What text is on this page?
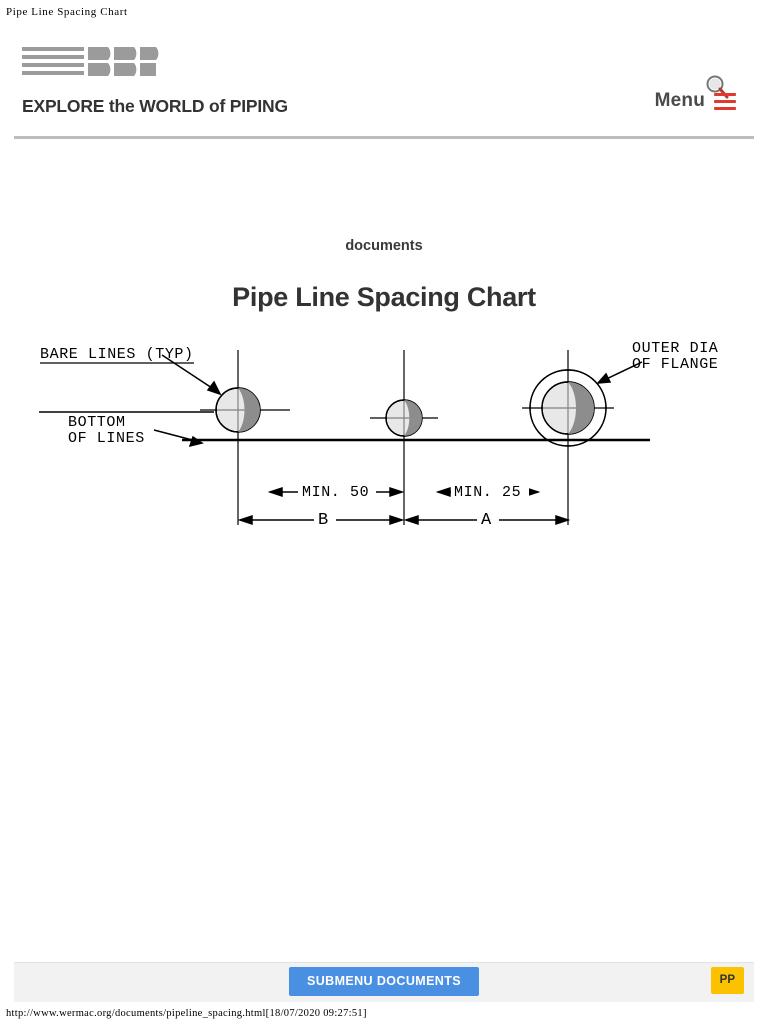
Pipe Line Spacing Chart
EXPLORE the WORLD of PIPING	Menu
documents
Pipe Line Spacing Chart
BARE LINES (TYP)
BOTTOM
OF LINES
OUTER DIA
OF FLANGE
MIN. 50	MIN. 25
B	A
SUBMENU DOCUMENTS	PP
http://www.wermac.org/documents/pipeline_spacing.html[18/07/2020 09:27:51]
